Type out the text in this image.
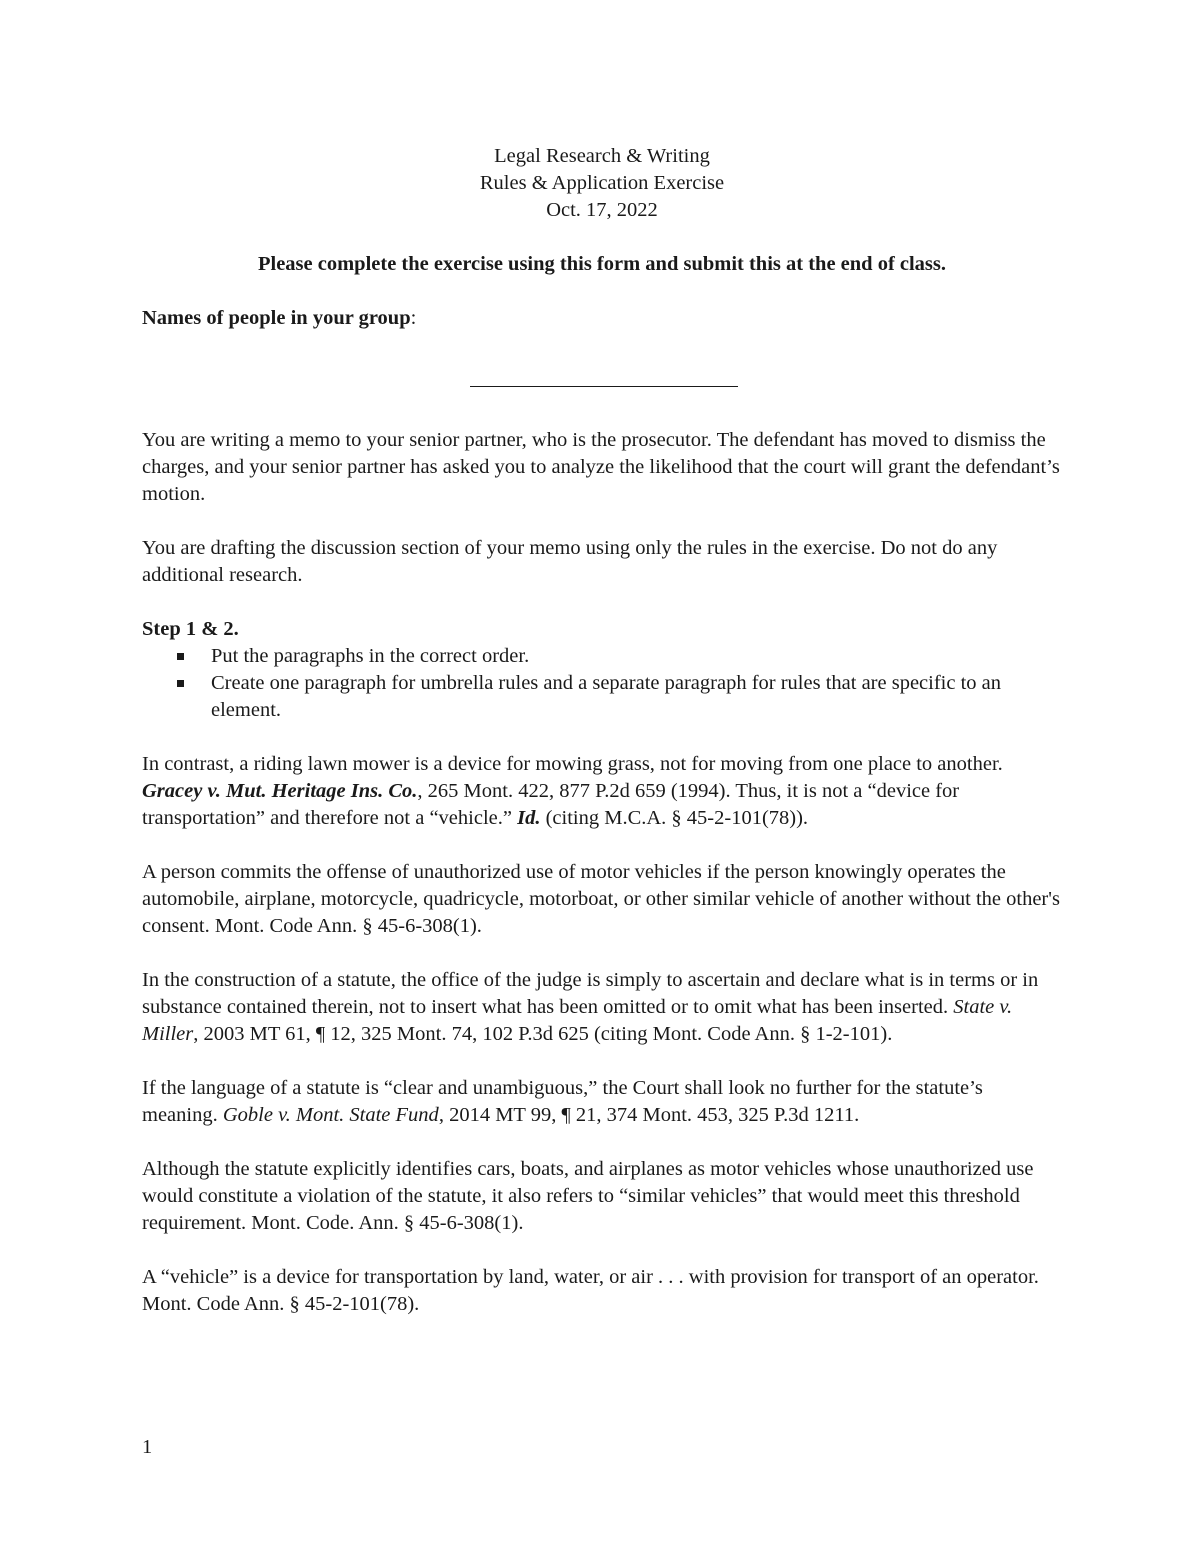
Legal Research & Writing
Rules & Application Exercise
Oct. 17, 2022

Please complete the exercise using this form and submit this at the end of class.

Names of people in your group:

You are writing a memo to your senior partner, who is the prosecutor. The defendant has moved to dismiss the charges, and your senior partner has asked you to analyze the likelihood that the court will grant the defendant’s motion.

You are drafting the discussion section of your memo using only the rules in the exercise. Do not do any additional research.

Step 1 & 2.

Put the paragraphs in the correct order.
Create one paragraph for umbrella rules and a separate paragraph for rules that are specific to an element.

In contrast, a riding lawn mower is a device for mowing grass, not for moving from one place to another. Gracey v. Mut. Heritage Ins. Co., 265 Mont. 422, 877 P.2d 659 (1994). Thus, it is not a “device for transportation” and therefore not a “vehicle.” Id. (citing M.C.A. § 45-2-101(78)).

A person commits the offense of unauthorized use of motor vehicles if the person knowingly operates the automobile, airplane, motorcycle, quadricycle, motorboat, or other similar vehicle of another without the other's consent. Mont. Code Ann. § 45-6-308(1).

In the construction of a statute, the office of the judge is simply to ascertain and declare what is in terms or in substance contained therein, not to insert what has been omitted or to omit what has been inserted. State v. Miller, 2003 MT 61, ¶ 12, 325 Mont. 74, 102 P.3d 625 (citing Mont. Code Ann. § 1-2-101).

If the language of a statute is “clear and unambiguous,” the Court shall look no further for the statute’s meaning. Goble v. Mont. State Fund, 2014 MT 99, ¶ 21, 374 Mont. 453, 325 P.3d 1211.

Although the statute explicitly identifies cars, boats, and airplanes as motor vehicles whose unauthorized use would constitute a violation of the statute, it also refers to “similar vehicles” that would meet this threshold requirement. Mont. Code. Ann. § 45-6-308(1).

A “vehicle” is a device for transportation by land, water, or air . . . with provision for transport of an operator. Mont. Code Ann. § 45-2-101(78).

1
